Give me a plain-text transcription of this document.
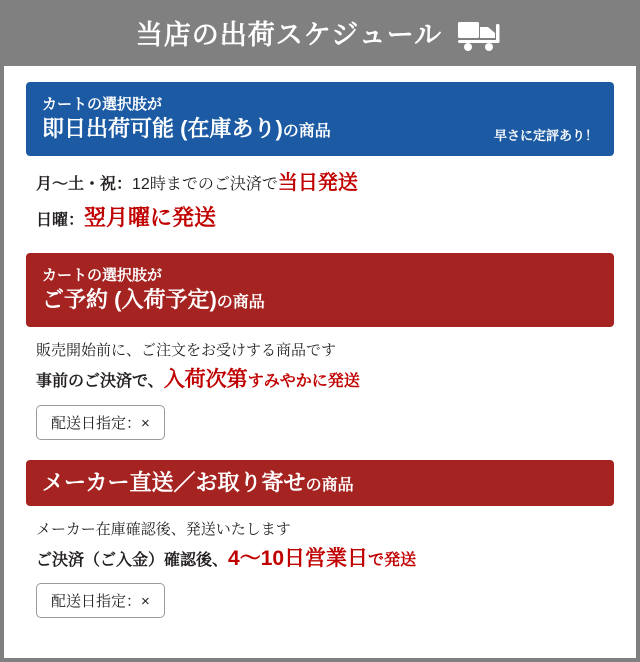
当店の出荷スケジュール
カートの選択肢が
即日出荷可能 (在庫あり)の商品	早さに定評あり！
月〜土・祝：12時までのご決済で当日発送
日曜：翌月曜に発送
カートの選択肢が
ご予約 (入荷予定)の商品
販売開始前に、ご注文をお受けする商品です
事前のご決済で、入荷次第すみやかに発送
配送日指定：×
メーカー直送／お取り寄せの商品
メーカー在庫確認後、発送いたします
ご決済（ご入金）確認後、4〜10日営業日で発送
配送日指定：×
